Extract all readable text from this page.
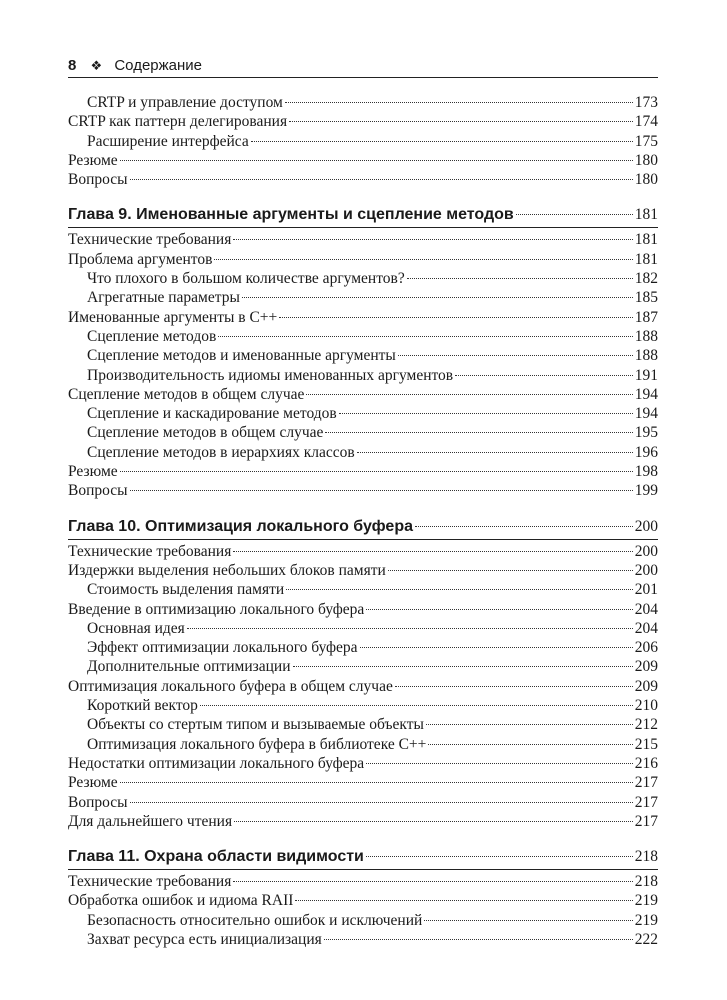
8 ❖ Содержание
CRTP и управление доступом	173
CRTP как паттерн делегирования	174
Расширение интерфейса	175
Резюме	180
Вопросы	180
Глава 9. Именованные аргументы и сцепление методов	181
Технические требования	181
Проблема аргументов	181
Что плохого в большом количестве аргументов?	182
Агрегатные параметры	185
Именованные аргументы в C++	187
Сцепление методов	188
Сцепление методов и именованные аргументы	188
Производительность идиомы именованных аргументов	191
Сцепление методов в общем случае	194
Сцепление и каскадирование методов	194
Сцепление методов в общем случае	195
Сцепление методов в иерархиях классов	196
Резюме	198
Вопросы	199
Глава 10. Оптимизация локального буфера	200
Технические требования	200
Издержки выделения небольших блоков памяти	200
Стоимость выделения памяти	201
Введение в оптимизацию локального буфера	204
Основная идея	204
Эффект оптимизации локального буфера	206
Дополнительные оптимизации	209
Оптимизация локального буфера в общем случае	209
Короткий вектор	210
Объекты со стертым типом и вызываемые объекты	212
Оптимизация локального буфера в библиотеке C++	215
Недостатки оптимизации локального буфера	216
Резюме	217
Вопросы	217
Для дальнейшего чтения	217
Глава 11. Охрана области видимости	218
Технические требования	218
Обработка ошибок и идиома RAII	219
Безопасность относительно ошибок и исключений	219
Захват ресурса есть инициализация	222
